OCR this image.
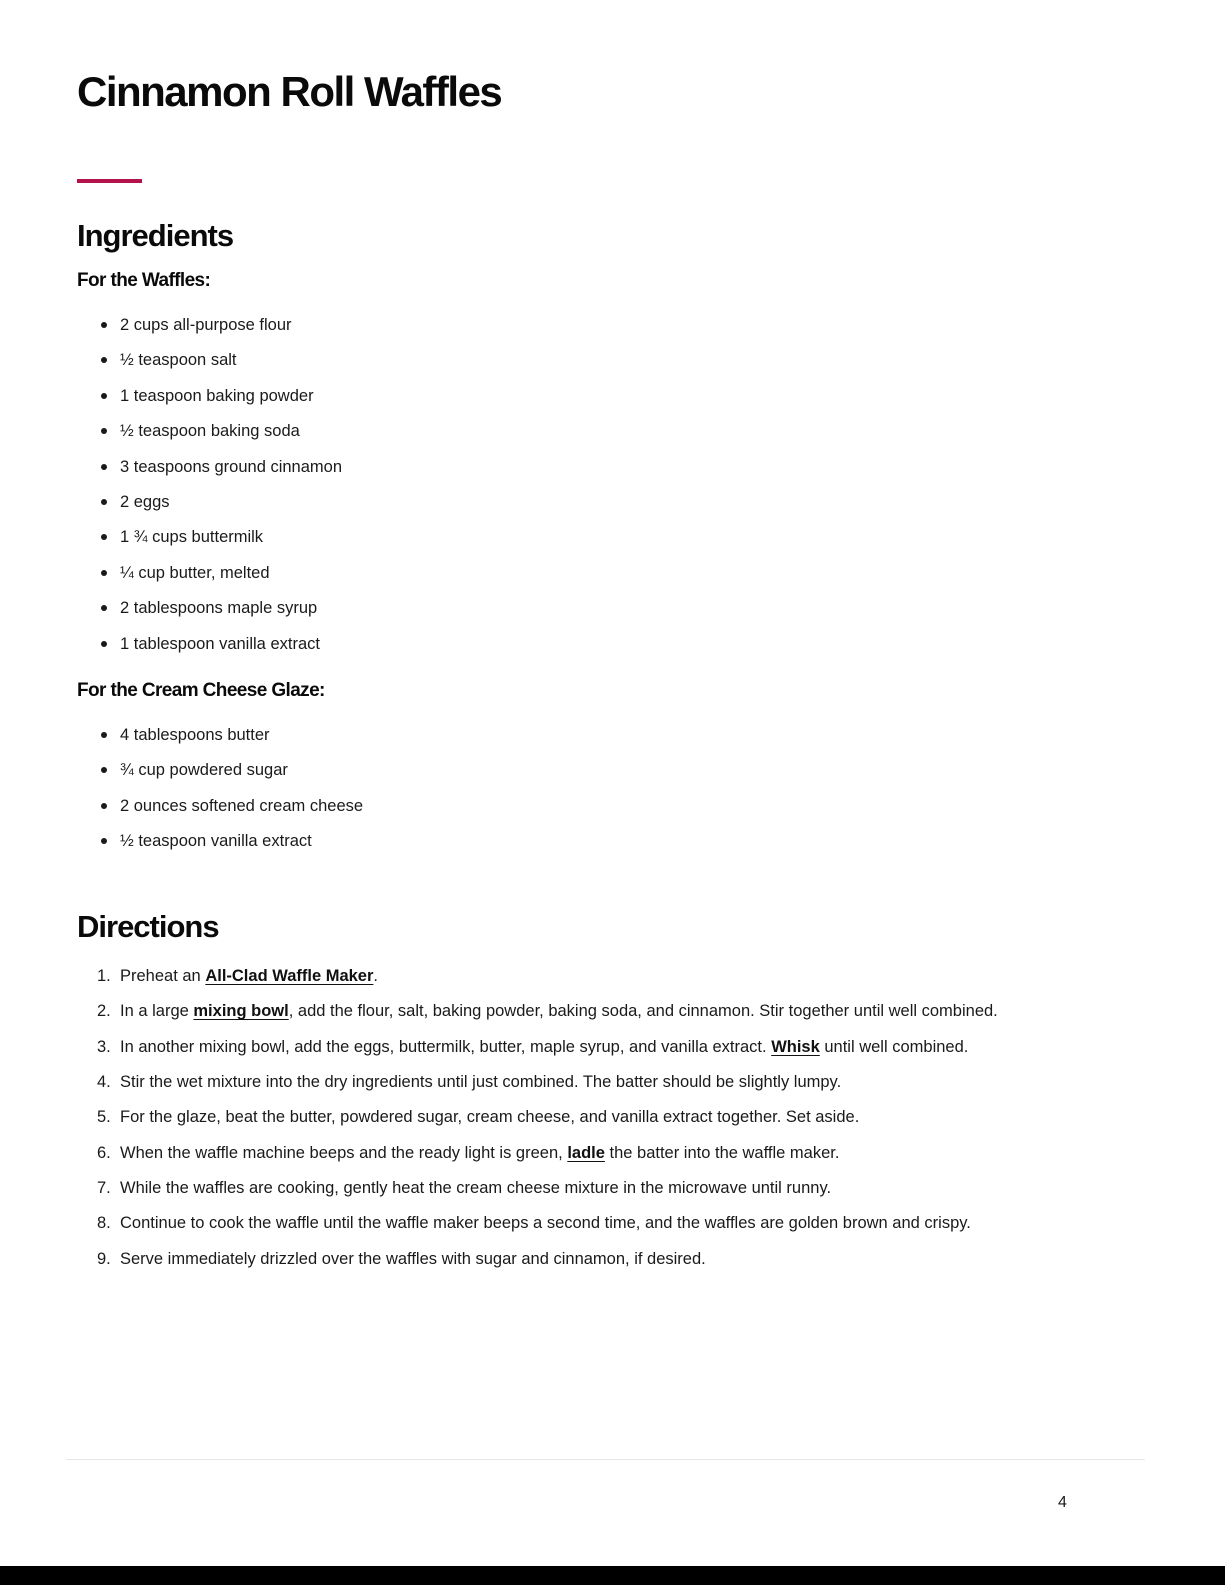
Cinnamon Roll Waffles
Ingredients
For the Waffles:
2 cups all-purpose flour
½ teaspoon salt
1 teaspoon baking powder
½ teaspoon baking soda
3 teaspoons ground cinnamon
2 eggs
1 ¾ cups buttermilk
¼ cup butter, melted
2 tablespoons maple syrup
1 tablespoon vanilla extract
For the Cream Cheese Glaze:
4 tablespoons butter
¾ cup powdered sugar
2 ounces softened cream cheese
½ teaspoon vanilla extract
Directions
1. Preheat an All-Clad Waffle Maker.
2. In a large mixing bowl, add the flour, salt, baking powder, baking soda, and cinnamon. Stir together until well combined.
3. In another mixing bowl, add the eggs, buttermilk, butter, maple syrup, and vanilla extract. Whisk until well combined.
4. Stir the wet mixture into the dry ingredients until just combined. The batter should be slightly lumpy.
5. For the glaze, beat the butter, powdered sugar, cream cheese, and vanilla extract together. Set aside.
6. When the waffle machine beeps and the ready light is green, ladle the batter into the waffle maker.
7. While the waffles are cooking, gently heat the cream cheese mixture in the microwave until runny.
8. Continue to cook the waffle until the waffle maker beeps a second time, and the waffles are golden brown and crispy.
9. Serve immediately drizzled over the waffles with sugar and cinnamon, if desired.
4
